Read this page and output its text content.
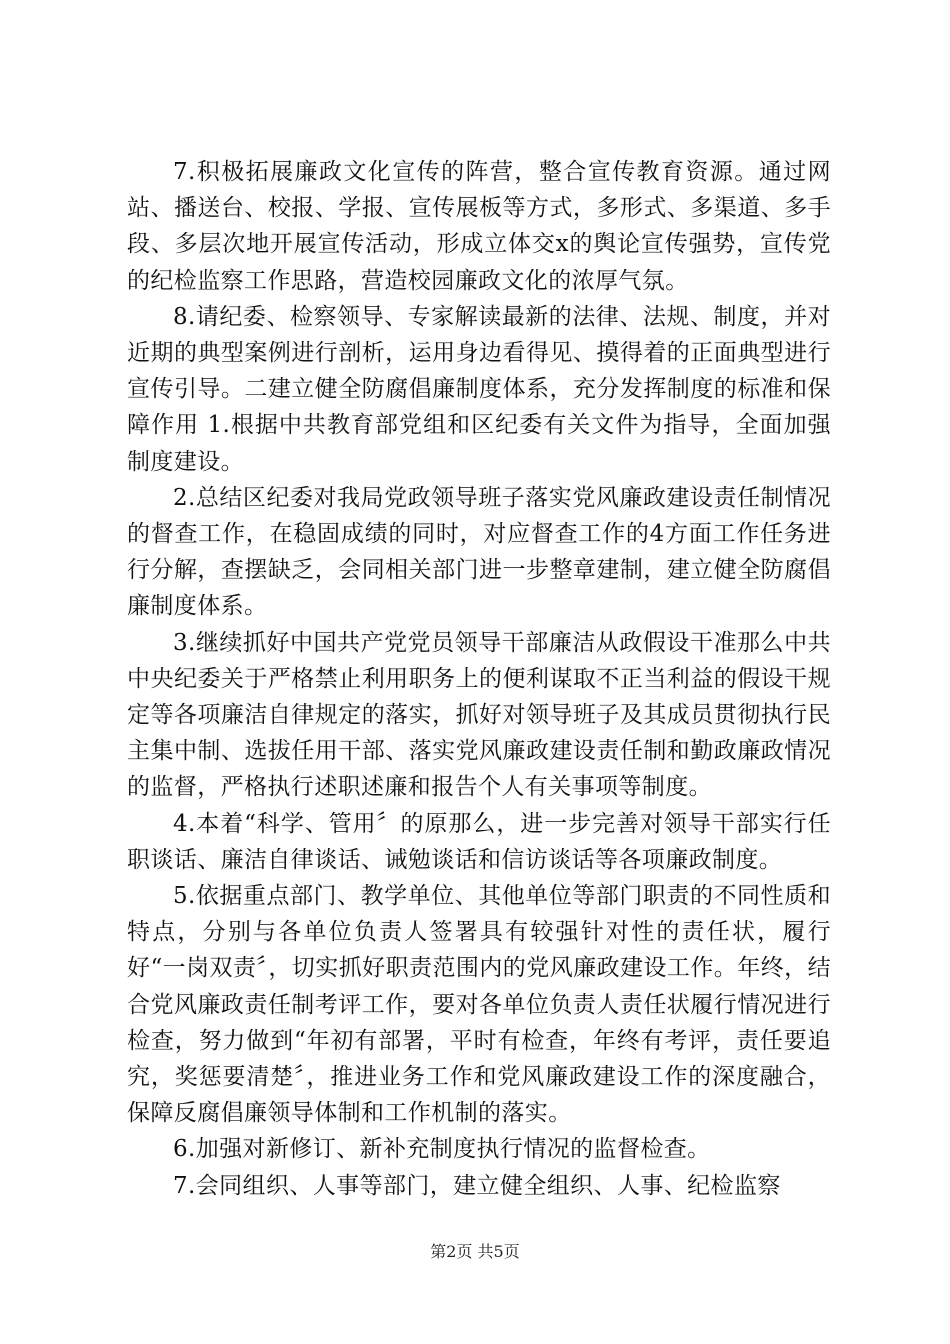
7.积极拓展廉政文化宣传的阵营，整合宣传教育资源。通过网站、播送台、校报、学报、宣传展板等方式，多形式、多渠道、多手段、多层次地开展宣传活动，形成立体交x的舆论宣传强势，宣传党的纪检监察工作思路，营造校园廉政文化的浓厚气氛。

8.请纪委、检察领导、专家解读最新的法律、法规、制度，并对近期的典型案例进行剖析，运用身边看得见、摸得着的正面典型进行宣传引导。二建立健全防腐倡廉制度体系，充分发挥制度的标准和保障作用 1.根据中共教育部党组和区纪委有关文件为指导，全面加强制度建设。

2.总结区纪委对我局党政领导班子落实党风廉政建设责任制情况的督查工作，在稳固成绩的同时，对应督查工作的4方面工作任务进行分解，查摆缺乏，会同相关部门进一步整章建制，建立健全防腐倡廉制度体系。

3.继续抓好中国共产党党员领导干部廉洁从政假设干准那么中共中央纪委关于严格禁止利用职务上的便利谋取不正当利益的假设干规定等各项廉洁自律规定的落实，抓好对领导班子及其成员贯彻执行民主集中制、选拔任用干部、落实党风廉政建设责任制和勤政廉政情况的监督，严格执行述职述廉和报告个人有关事项等制度。

4.本着“科学、管用〞的原那么，进一步完善对领导干部实行任职谈话、廉洁自律谈话、诫勉谈话和信访谈话等各项廉政制度。

5.依据重点部门、教学单位、其他单位等部门职责的不同性质和特点，分别与各单位负责人签署具有较强针对性的责任状，履行好“一岗双责〞，切实抓好职责范围内的党风廉政建设工作。年终，结合党风廉政责任制考评工作，要对各单位负责人责任状履行情况进行检查，努力做到“年初有部署，平时有检查，年终有考评，责任要追究，奖惩要清楚〞，推进业务工作和党风廉政建设工作的深度融合，保障反腐倡廉领导体制和工作机制的落实。

6.加强对新修订、新补充制度执行情况的监督检查。

7.会同组织、人事等部门，建立健全组织、人事、纪检监察

第2页 共5页
